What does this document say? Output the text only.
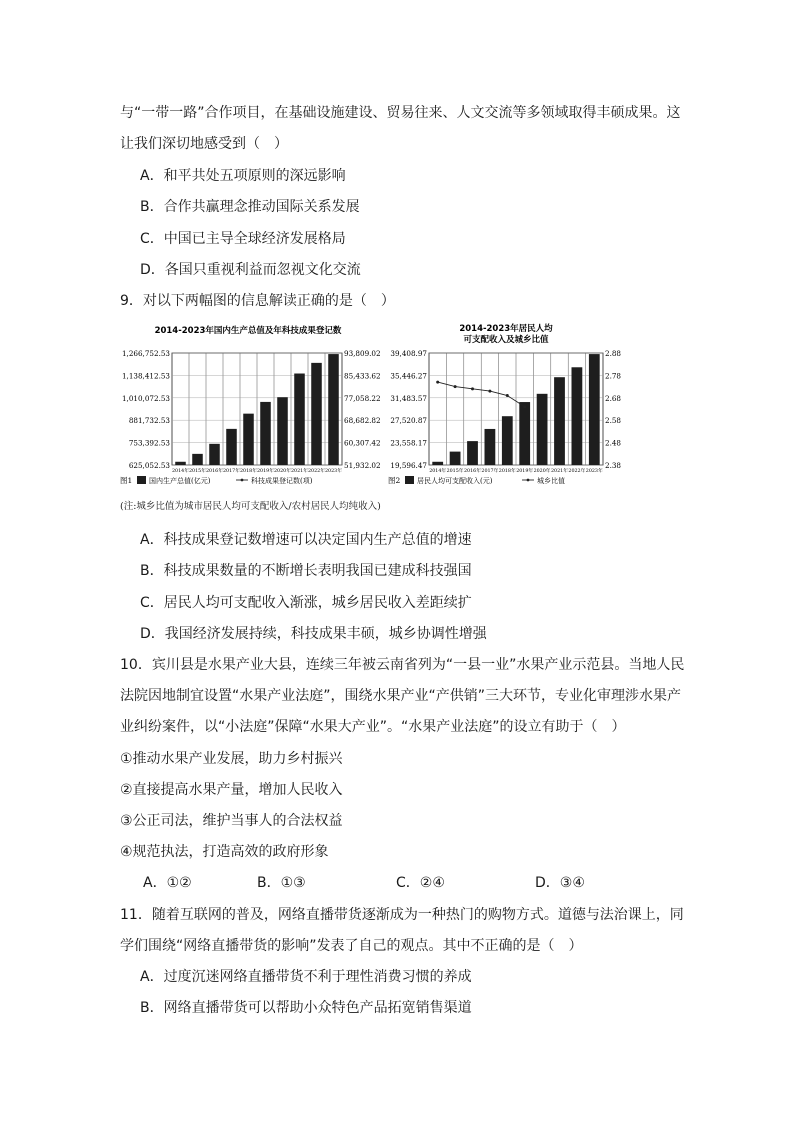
与“一带一路”合作项目，在基础设施建设、贸易往来、人文交流等多领域取得丰硕成果。这
让我们深切地感受到（　）
A．和平共处五项原则的深远影响
B．合作共赢理念推动国际关系发展
C．中国已主导全球经济发展格局
D．各国只重视利益而忽视文化交流
9．对以下两幅图的信息解读正确的是（　）
2014-2023年国内生产总值及年科技成果登记数
1,266,752.53	93,809.02
1,138,412.53	85,433.62
1,010,072.53	77,058.22
881,732.53	68,682.82
753,392.53	60,307.42
625,052.53	51,932.02
2014年 2015年 2016年 2017年 2018年 2019年 2020年 2021年 2022年 2023年
图1 国内生产总值(亿元)	科技成果登记数(项)
2014-2023年居民人均
可支配收入及城乡比值
39,408.97	2.88
35,446.27	2.78
31,483.57	2.68
27,520.87	2.58
23,558.17	2.48
19,596.47	2.38
2014年 2015年 2016年 2017年 2018年 2019年 2020年 2021年 2022年 2023年
图2 居民人均可支配收入(元)	城乡比值
(注:城乡比值为城市居民人均可支配收入/农村居民人均纯收入)
A．科技成果登记数增速可以决定国内生产总值的增速
B．科技成果数量的不断增长表明我国已建成科技强国
C．居民人均可支配收入渐涨，城乡居民收入差距续扩
D．我国经济发展持续，科技成果丰硕，城乡协调性增强
10．宾川县是水果产业大县，连续三年被云南省列为“一县一业”水果产业示范县。当地人民
法院因地制宜设置“水果产业法庭”，围绕水果产业“产供销”三大环节，专业化审理涉水果产
业纠纷案件，以“小法庭”保障“水果大产业”。“水果产业法庭”的设立有助于（　）
①推动水果产业发展，助力乡村振兴
②直接提高水果产量，增加人民收入
③公正司法，维护当事人的合法权益
④规范执法，打造高效的政府形象
A．①②	B．①③	C．②④	D．③④
11．随着互联网的普及，网络直播带货逐渐成为一种热门的购物方式。道德与法治课上，同
学们围绕“网络直播带货的影响”发表了自己的观点。其中不正确的是（　）
A．过度沉迷网络直播带货不利于理性消费习惯的养成
B．网络直播带货可以帮助小众特色产品拓宽销售渠道
